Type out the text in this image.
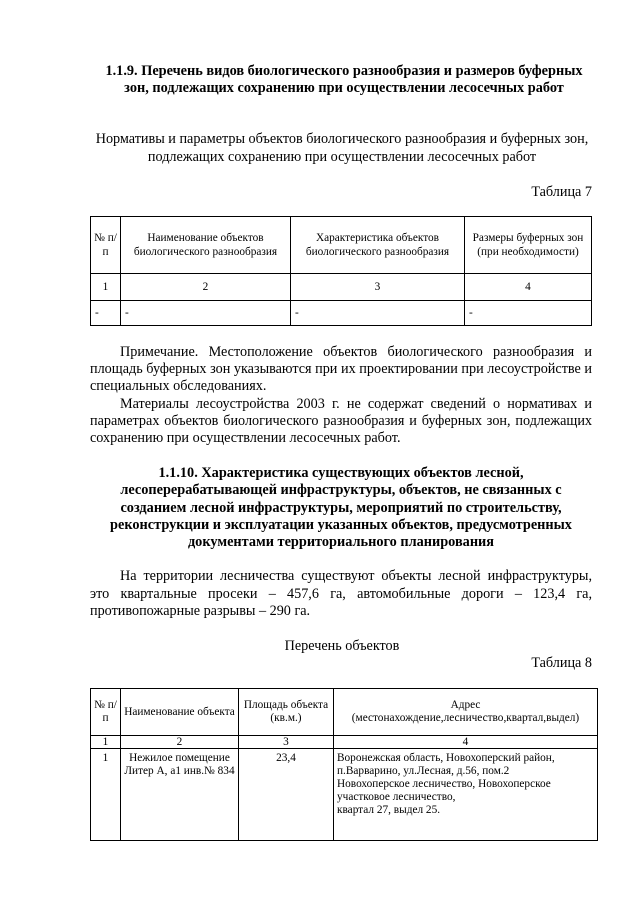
1.1.9. Перечень видов биологического разнообразия и размеров буферных зон, подлежащих сохранению при осуществлении лесосечных работ

Нормативы и параметры объектов биологического разнообразия и буферных зон, подлежащих сохранению при осуществлении лесосечных работ

Таблица 7

№ п/п	Наименование объектов биологического разнообразия	Характеристика объектов биологического разнообразия	Размеры буферных зон (при необходимости)
1	2	3	4
-	-	-	-

Примечание. Местоположение объектов биологического разнообразия и площадь буферных зон указываются при их проектировании при лесоустройстве и специальных обследованиях.

Материалы лесоустройства 2003 г. не содержат сведений о нормативах и параметрах объектов биологического разнообразия и буферных зон, подлежащих сохранению при осуществлении лесосечных работ.

1.1.10. Характеристика существующих объектов лесной, лесоперерабатывающей инфраструктуры, объектов, не связанных с созданием лесной инфраструктуры, мероприятий по строительству, реконструкции и эксплуатации указанных объектов, предусмотренных документами территориального планирования

На территории лесничества существуют объекты лесной инфраструктуры, это квартальные просеки – 457,6 га, автомобильные дороги – 123,4 га, противопожарные разрывы – 290 га.

Перечень объектов

Таблица 8

№ п/п	Наименование объекта	Площадь объекта (кв.м.)	Адрес (местонахождение,лесничество,квартал,выдел)
1	2	3	4
1	Нежилое помещение Литер А, а1 инв.№ 834	23,4	Воронежская область, Новохоперский район,
п.Варварино, ул.Лесная, д.56, пом.2
Новохоперское лесничество, Новохоперское участковое лесничество,
квартал 27, выдел 25.
